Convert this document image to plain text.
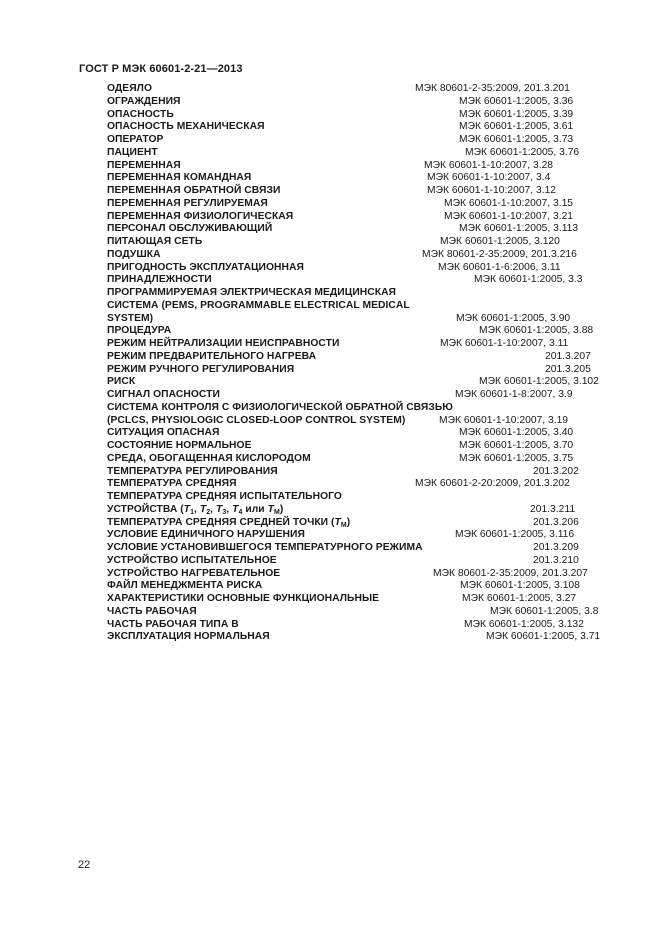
ГОСТ Р МЭК 60601-2-21—2013
ОДЕЯЛО	МЭК 80601-2-35:2009, 201.3.201
ОГРАЖДЕНИЯ	МЭК 60601-1:2005, 3.36
ОПАСНОСТЬ	МЭК 60601-1:2005, 3.39
ОПАСНОСТЬ МЕХАНИЧЕСКАЯ	МЭК 60601-1:2005, 3.61
ОПЕРАТОР	МЭК 60601-1:2005, 3.73
ПАЦИЕНТ	МЭК 60601-1:2005, 3.76
ПЕРЕМЕННАЯ	МЭК 60601-1-10:2007, 3.28
ПЕРЕМЕННАЯ КОМАНДНАЯ	МЭК 60601-1-10:2007, 3.4
ПЕРЕМЕННАЯ ОБРАТНОЙ СВЯЗИ	МЭК 60601-1-10:2007, 3.12
ПЕРЕМЕННАЯ РЕГУЛИРУЕМАЯ	МЭК 60601-1-10:2007, 3.15
ПЕРЕМЕННАЯ ФИЗИОЛОГИЧЕСКАЯ	МЭК 60601-1-10:2007, 3.21
ПЕРСОНАЛ ОБСЛУЖИВАЮЩИЙ	МЭК 60601-1:2005, 3.113
ПИТАЮЩАЯ СЕТЬ	МЭК 60601-1:2005, 3.120
ПОДУШКА	МЭК 80601-2-35:2009, 201.3.216
ПРИГОДНОСТЬ ЭКСПЛУАТАЦИОННАЯ	МЭК 60601-1-6:2006, 3.11
ПРИНАДЛЕЖНОСТИ	МЭК 60601-1:2005, 3.3
ПРОГРАММИРУЕМАЯ ЭЛЕКТРИЧЕСКАЯ МЕДИЦИНСКАЯ
СИСТЕМА (PEMS, PROGRAMMABLE ELECTRICAL MEDICAL
SYSTEM)	МЭК 60601-1:2005, 3.90
ПРОЦЕДУРА	МЭК 60601-1:2005, 3.88
РЕЖИМ НЕЙТРАЛИЗАЦИИ НЕИСПРАВНОСТИ	МЭК 60601-1-10:2007, 3.11
РЕЖИМ ПРЕДВАРИТЕЛЬНОГО НАГРЕВА	201.3.207
РЕЖИМ РУЧНОГО РЕГУЛИРОВАНИЯ	201.3.205
РИСК	МЭК 60601-1:2005, 3.102
СИГНАЛ ОПАСНОСТИ	МЭК 60601-1-8:2007, 3.9
СИСТЕМА КОНТРОЛЯ С ФИЗИОЛОГИЧЕСКОЙ ОБРАТНОЙ СВЯЗЬЮ
(PCLCS, PHYSIOLOGIC CLOSED-LOOP CONTROL SYSTEM)	МЭК 60601-1-10:2007, 3.19
СИТУАЦИЯ ОПАСНАЯ	МЭК 60601-1:2005, 3.40
СОСТОЯНИЕ НОРМАЛЬНОЕ	МЭК 60601-1:2005, 3.70
СРЕДА, ОБОГАЩЕННАЯ КИСЛОРОДОМ	МЭК 60601-1:2005, 3.75
ТЕМПЕРАТУРА РЕГУЛИРОВАНИЯ	201.3.202
ТЕМПЕРАТУРА СРЕДНЯЯ	МЭК 60601-2-20:2009, 201.3.202
ТЕМПЕРАТУРА СРЕДНЯЯ ИСПЫТАТЕЛЬНОГО
УСТРОЙСТВА ($T_1$, $T_2$, $T_3$, $T_4$ или $T_M$)	201.3.211
ТЕМПЕРАТУРА СРЕДНЯЯ СРЕДНЕЙ ТОЧКИ $(T_M)$	201.3.206
УСЛОВИЕ ЕДИНИЧНОГО НАРУШЕНИЯ	МЭК 60601-1:2005, 3.116
УСЛОВИЕ УСТАНОВИВШЕГОСЯ ТЕМПЕРАТУРНОГО РЕЖИМА	201.3.209
УСТРОЙСТВО ИСПЫТАТЕЛЬНОЕ	201.3.210
УСТРОЙСТВО НАГРЕВАТЕЛЬНОЕ	МЭК 80601-2-35:2009, 201.3.207
ФАЙЛ МЕНЕДЖМЕНТА РИСКА	МЭК 60601-1:2005, 3.108
ХАРАКТЕРИСТИКИ ОСНОВНЫЕ ФУНКЦИОНАЛЬНЫЕ	МЭК 60601-1:2005, 3.27
ЧАСТЬ РАБОЧАЯ	МЭК 60601-1:2005, 3.8
ЧАСТЬ РАБОЧАЯ ТИПА В	МЭК 60601-1:2005, 3.132
ЭКСПЛУАТАЦИЯ НОРМАЛЬНАЯ	МЭК 60601-1:2005, 3.71
22
